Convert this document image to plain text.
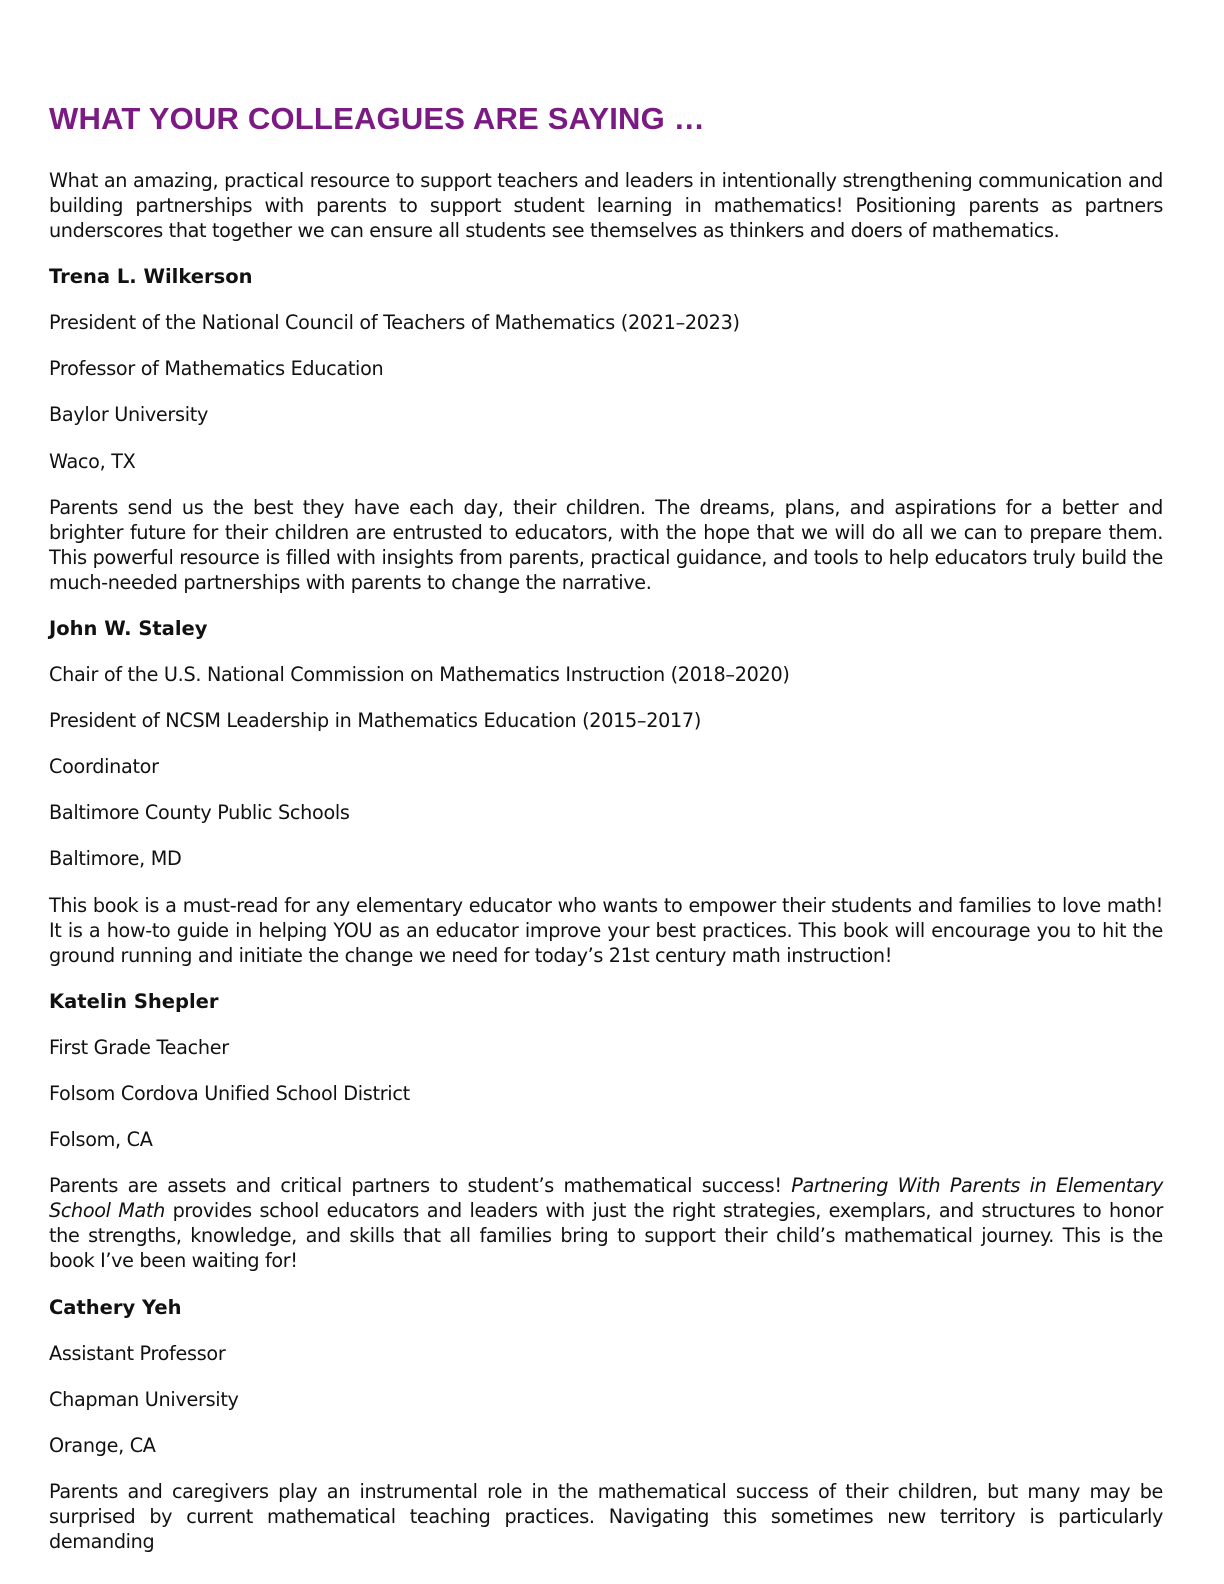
WHAT YOUR COLLEAGUES ARE SAYING …

What an amazing, practical resource to support teachers and leaders in intentionally strengthening communication and building partnerships with parents to support student learning in mathematics! Positioning parents as partners underscores that together we can ensure all students see themselves as thinkers and doers of mathematics.

Trena L. Wilkerson

President of the National Council of Teachers of Mathematics (2021–2023)

Professor of Mathematics Education

Baylor University

Waco, TX

Parents send us the best they have each day, their children. The dreams, plans, and aspirations for a better and brighter future for their children are entrusted to educators, with the hope that we will do all we can to prepare them. This powerful resource is filled with insights from parents, practical guidance, and tools to help educators truly build the much-needed partnerships with parents to change the narrative.

John W. Staley

Chair of the U.S. National Commission on Mathematics Instruction (2018–2020)

President of NCSM Leadership in Mathematics Education (2015–2017)

Coordinator

Baltimore County Public Schools

Baltimore, MD

This book is a must-read for any elementary educator who wants to empower their students and families to love math! It is a how-to guide in helping YOU as an educator improve your best practices. This book will encourage you to hit the ground running and initiate the change we need for today’s 21st century math instruction!

Katelin Shepler

First Grade Teacher

Folsom Cordova Unified School District

Folsom, CA

Parents are assets and critical partners to student’s mathematical success! Partnering With Parents in Elementary School Math provides school educators and leaders with just the right strategies, exemplars, and structures to honor the strengths, knowledge, and skills that all families bring to support their child’s mathematical journey. This is the book I’ve been waiting for!

Cathery Yeh

Assistant Professor

Chapman University

Orange, CA

Parents and caregivers play an instrumental role in the mathematical success of their children, but many may be surprised by current mathematical teaching practices. Navigating this sometimes new territory is particularly demanding
